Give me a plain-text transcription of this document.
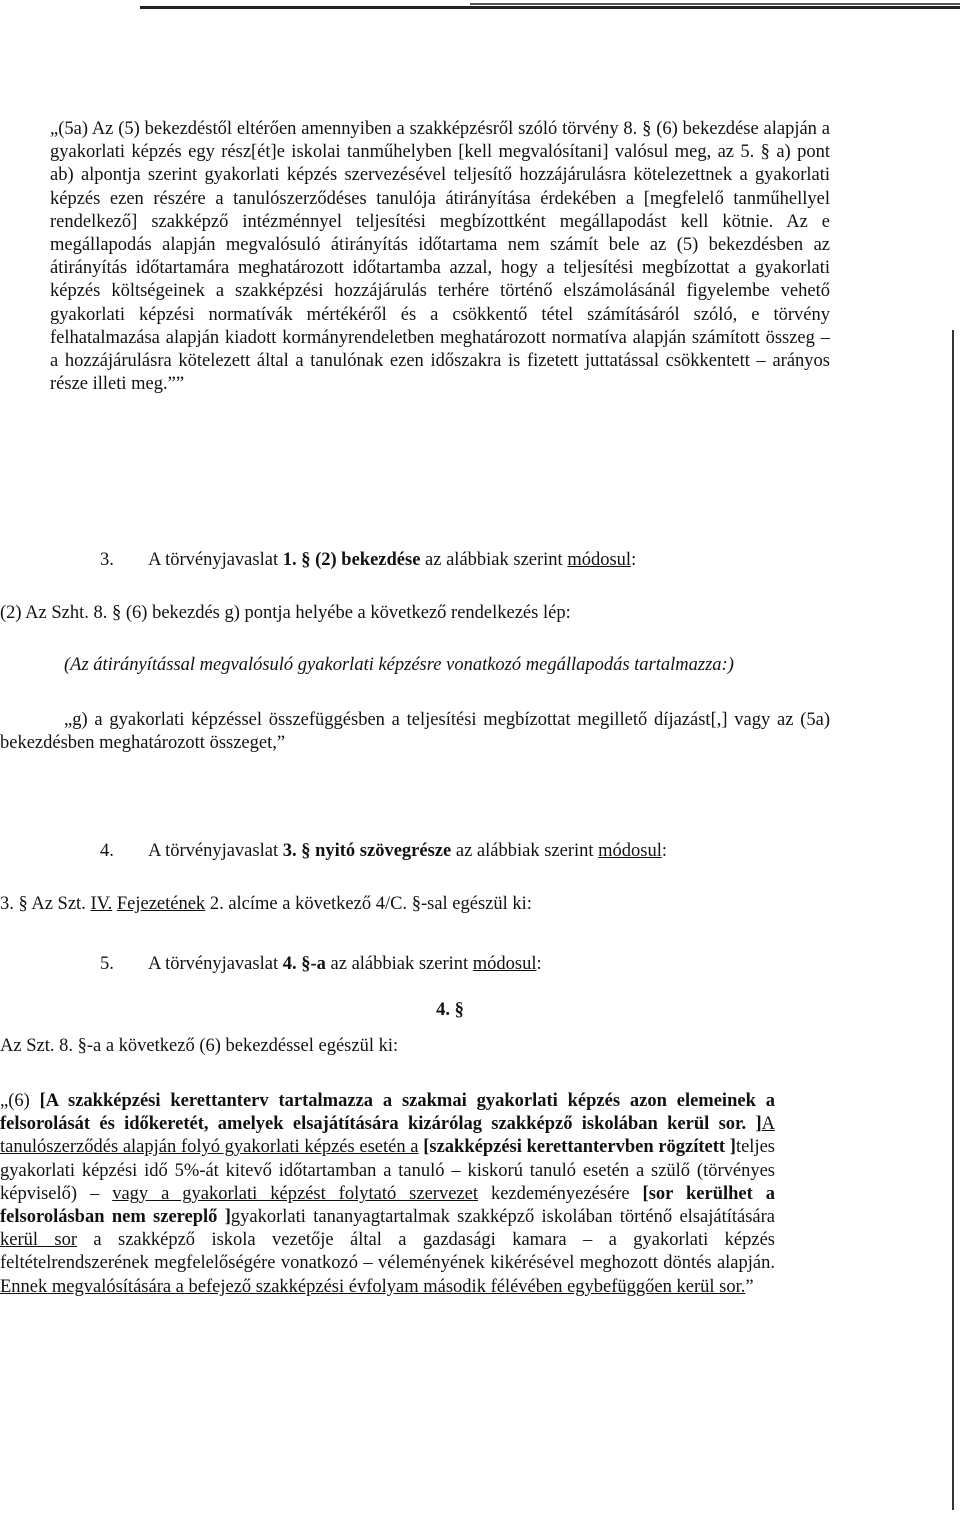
„(5a) Az (5) bekezdéstől eltérően amennyiben a szakképzésről szóló törvény 8. § (6) bekezdése alapján a gyakorlati képzés egy rész[ét]e iskolai tanműhelyben [kell megvalósítani] valósul meg, az 5. § a) pont ab) alpontja szerint gyakorlati képzés szervezésével teljesítő hozzájárulásra kötelezettnek a gyakorlati képzés ezen részére a tanulószerződéses tanulója átirányítása érdekében a [megfelelő tanműhellyel rendelkező] szakképző intézménnyel teljesítési megbízottként megállapodást kell kötnie. Az e megállapodás alapján megvalósuló átirányítás időtartama nem számít bele az (5) bekezdésben az átirányítás időtartamára meghatározott időtartamba azzal, hogy a teljesítési megbízottat a gyakorlati képzés költségeinek a szakképzési hozzájárulás terhére történő elszámolásánál figyelembe vehető gyakorlati képzési normatívák mértékéről és a csökkentő tétel számításáról szóló, e törvény felhatalmazása alapján kiadott kormányrendeletben meghatározott normatíva alapján számított összeg – a hozzájárulásra kötelezett által a tanulónak ezen időszakra is fizetett juttatással csökkentett – arányos része illeti meg.””

3. A törvényjavaslat 1. § (2) bekezdése az alábbiak szerint módosul:

(2) Az Szht. 8. § (6) bekezdés g) pontja helyébe a következő rendelkezés lép:

(Az átirányítással megvalósuló gyakorlati képzésre vonatkozó megállapodás tartalmazza:)

„g) a gyakorlati képzéssel összefüggésben a teljesítési megbízottat megillető díjazást[,] vagy az (5a) bekezdésben meghatározott összeget,”

4. A törvényjavaslat 3. § nyitó szövegrésze az alábbiak szerint módosul:

3. § Az Szt. IV. Fejezetének 2. alcíme a következő 4/C. §-sal egészül ki:

5. A törvényjavaslat 4. §-a az alábbiak szerint módosul:

4. §

Az Szt. 8. §-a a következő (6) bekezdéssel egészül ki:

„(6) [A szakképzési kerettanterv tartalmazza a szakmai gyakorlati képzés azon elemeinek a felsorolását és időkeretét, amelyek elsajátítására kizárólag szakképző iskolában kerül sor. ]A tanulószerződés alapján folyó gyakorlati képzés esetén a [szakképzési kerettantervben rögzített ]teljes gyakorlati képzési idő 5%-át kitevő időtartamban a tanuló – kiskorú tanuló esetén a szülő (törvényes képviselő) – vagy a gyakorlati képzést folytató szervezet kezdeményezésére [sor kerülhet a felsorolásban nem szereplő ]gyakorlati tananyagtartalmak szakképző iskolában történő elsajátítására kerül sor a szakképző iskola vezetője által a gazdasági kamara – a gyakorlati képzés feltételrendszerének megfelelőségére vonatkozó – véleményének kikérésével meghozott döntés alapján. Ennek megvalósítására a befejező szakképzési évfolyam második félévében egybefüggően kerül sor.”
